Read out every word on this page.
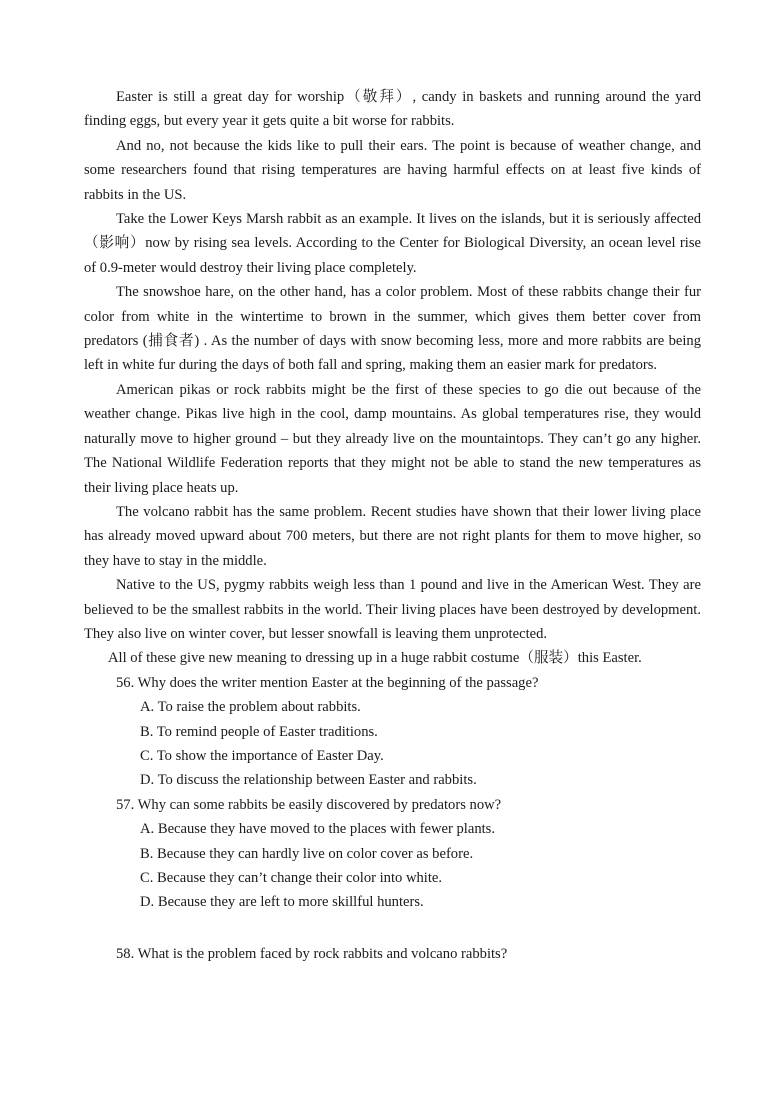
Easter is still a great day for worship（敬拜）, candy in baskets and running around the yard finding eggs, but every year it gets quite a bit worse for rabbits.

And no, not because the kids like to pull their ears. The point is because of weather change, and some researchers found that rising temperatures are having harmful effects on at least five kinds of rabbits in the US.

Take the Lower Keys Marsh rabbit as an example. It lives on the islands, but it is seriously affected（影响）now by rising sea levels. According to the Center for Biological Diversity, an ocean level rise of 0.9-meter would destroy their living place completely.

The snowshoe hare, on the other hand, has a color problem. Most of these rabbits change their fur color from white in the wintertime to brown in the summer, which gives them better cover from predators (捕食者) . As the number of days with snow becoming less, more and more rabbits are being left in white fur during the days of both fall and spring, making them an easier mark for predators.

American pikas or rock rabbits might be the first of these species to go die out because of the weather change. Pikas live high in the cool, damp mountains. As global temperatures rise, they would naturally move to higher ground – but they already live on the mountaintops. They can’t go any higher. The National Wildlife Federation reports that they might not be able to stand the new temperatures as their living place heats up.

The volcano rabbit has the same problem. Recent studies have shown that their lower living place has already moved upward about 700 meters, but there are not right plants for them to move higher, so they have to stay in the middle.

Native to the US, pygmy rabbits weigh less than 1 pound and live in the American West. They are believed to be the smallest rabbits in the world. Their living places have been destroyed by development. They also live on winter cover, but lesser snowfall is leaving them unprotected.

All of these give new meaning to dressing up in a huge rabbit costume（服装）this Easter.

56. Why does the writer mention Easter at the beginning of the passage?

A. To raise the problem about rabbits.

B. To remind people of Easter traditions.

C. To show the importance of Easter Day.

D. To discuss the relationship between Easter and rabbits.

57. Why can some rabbits be easily discovered by predators now?

A. Because they have moved to the places with fewer plants.

B. Because they can hardly live on color cover as before.

C. Because they can’t change their color into white.

D. Because they are left to more skillful hunters.

58. What is the problem faced by rock rabbits and volcano rabbits?
